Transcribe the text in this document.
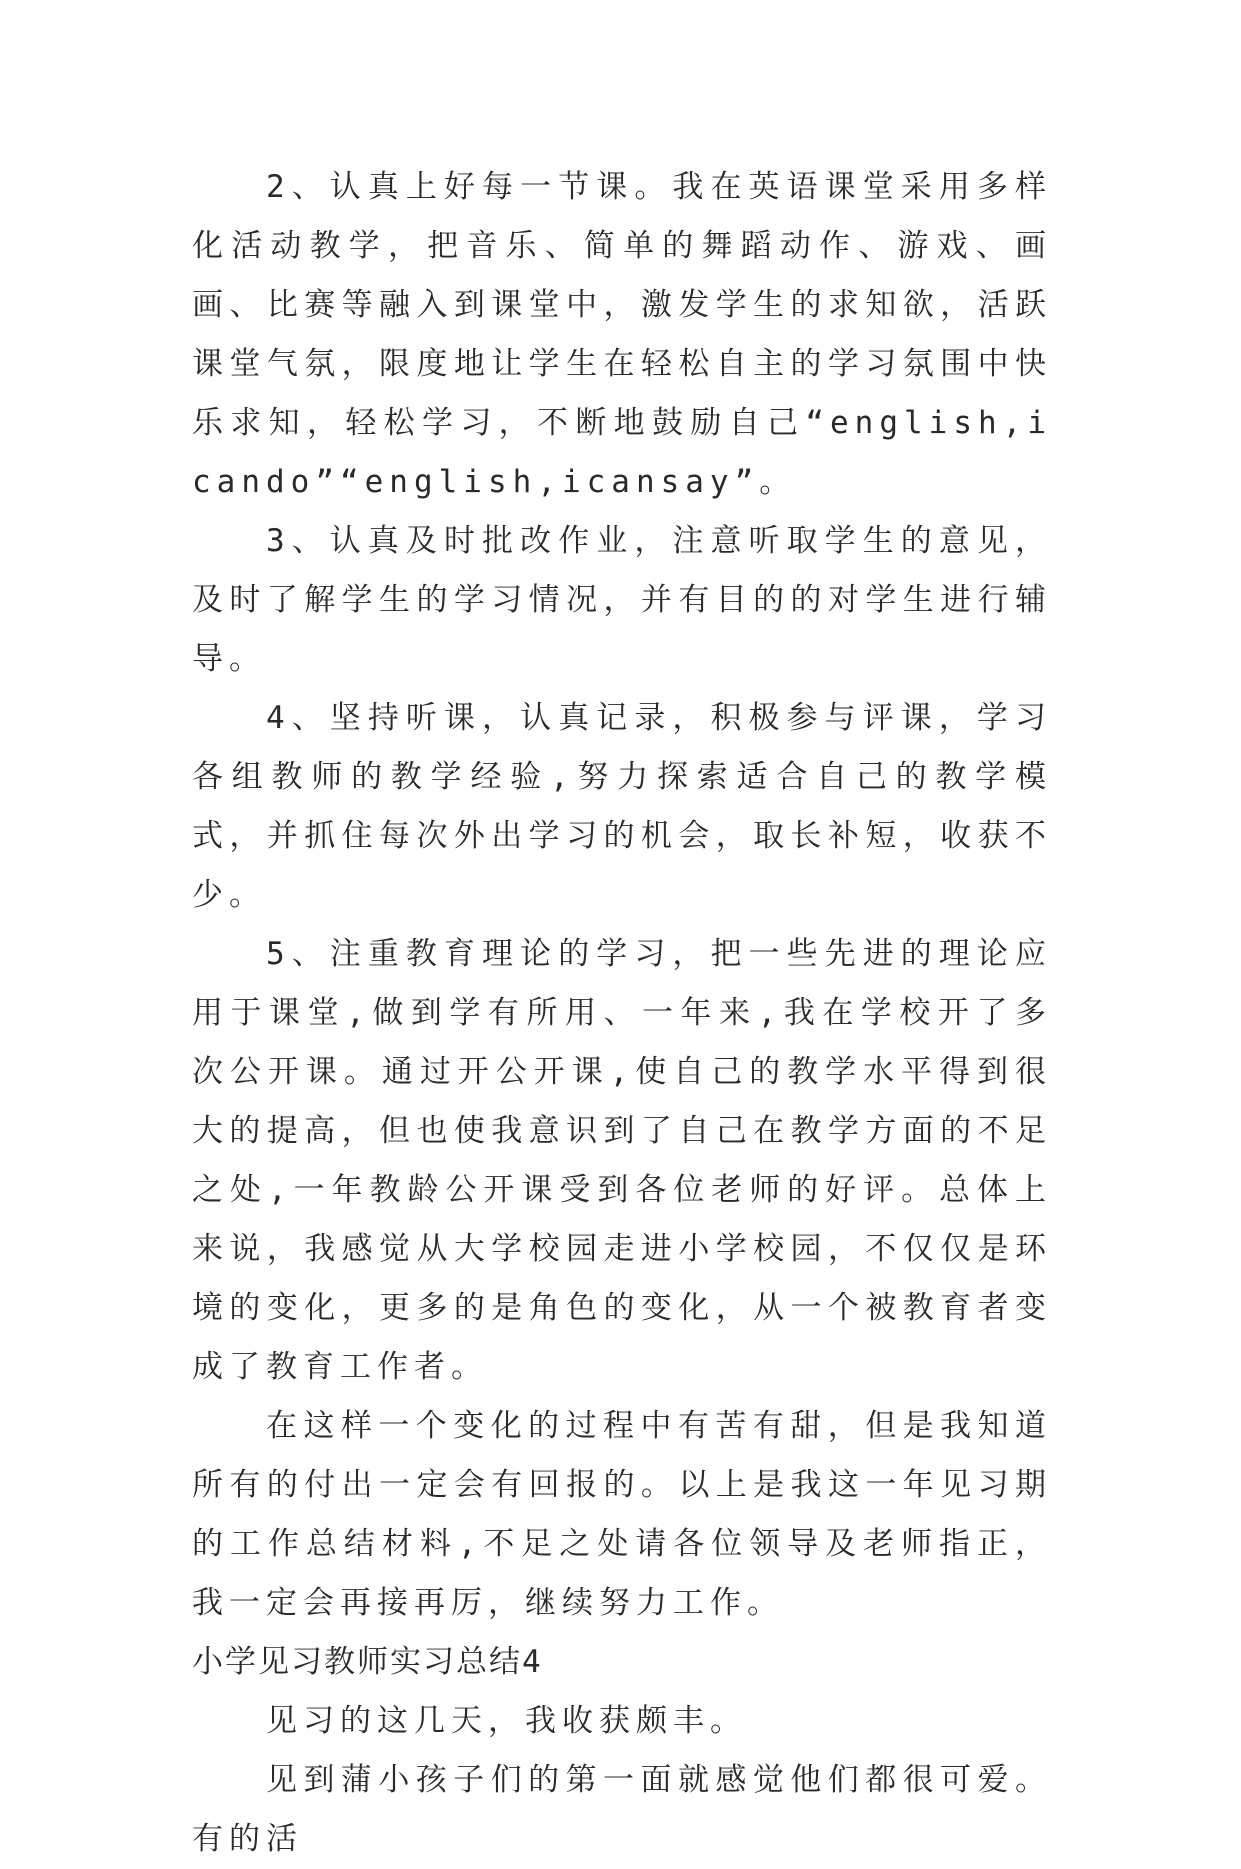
2、认真上好每一节课。我在英语课堂采用多样化活动教学，把音乐、简单的舞蹈动作、游戏、画画、比赛等融入到课堂中，激发学生的求知欲，活跃课堂气氛，限度地让学生在轻松自主的学习氛围中快乐求知，轻松学习，不断地鼓励自己“english,icando”“english,icansay”。

3、认真及时批改作业，注意听取学生的意见，及时了解学生的学习情况，并有目的的对学生进行辅导。

4、坚持听课，认真记录，积极参与评课，学习各组教师的教学经验,努力探索适合自己的教学模式，并抓住每次外出学习的机会，取长补短，收获不少。

5、注重教育理论的学习，把一些先进的理论应用于课堂,做到学有所用、一年来,我在学校开了多次公开课。通过开公开课,使自己的教学水平得到很大的提高，但也使我意识到了自己在教学方面的不足之处,一年教龄公开课受到各位老师的好评。总体上来说，我感觉从大学校园走进小学校园，不仅仅是环境的变化，更多的是角色的变化，从一个被教育者变成了教育工作者。

在这样一个变化的过程中有苦有甜，但是我知道所有的付出一定会有回报的。以上是我这一年见习期的工作总结材料,不足之处请各位领导及老师指正，我一定会再接再厉，继续努力工作。

小学见习教师实习总结4

见习的这几天，我收获颇丰。

见到蒲小孩子们的第一面就感觉他们都很可爱。有的活
